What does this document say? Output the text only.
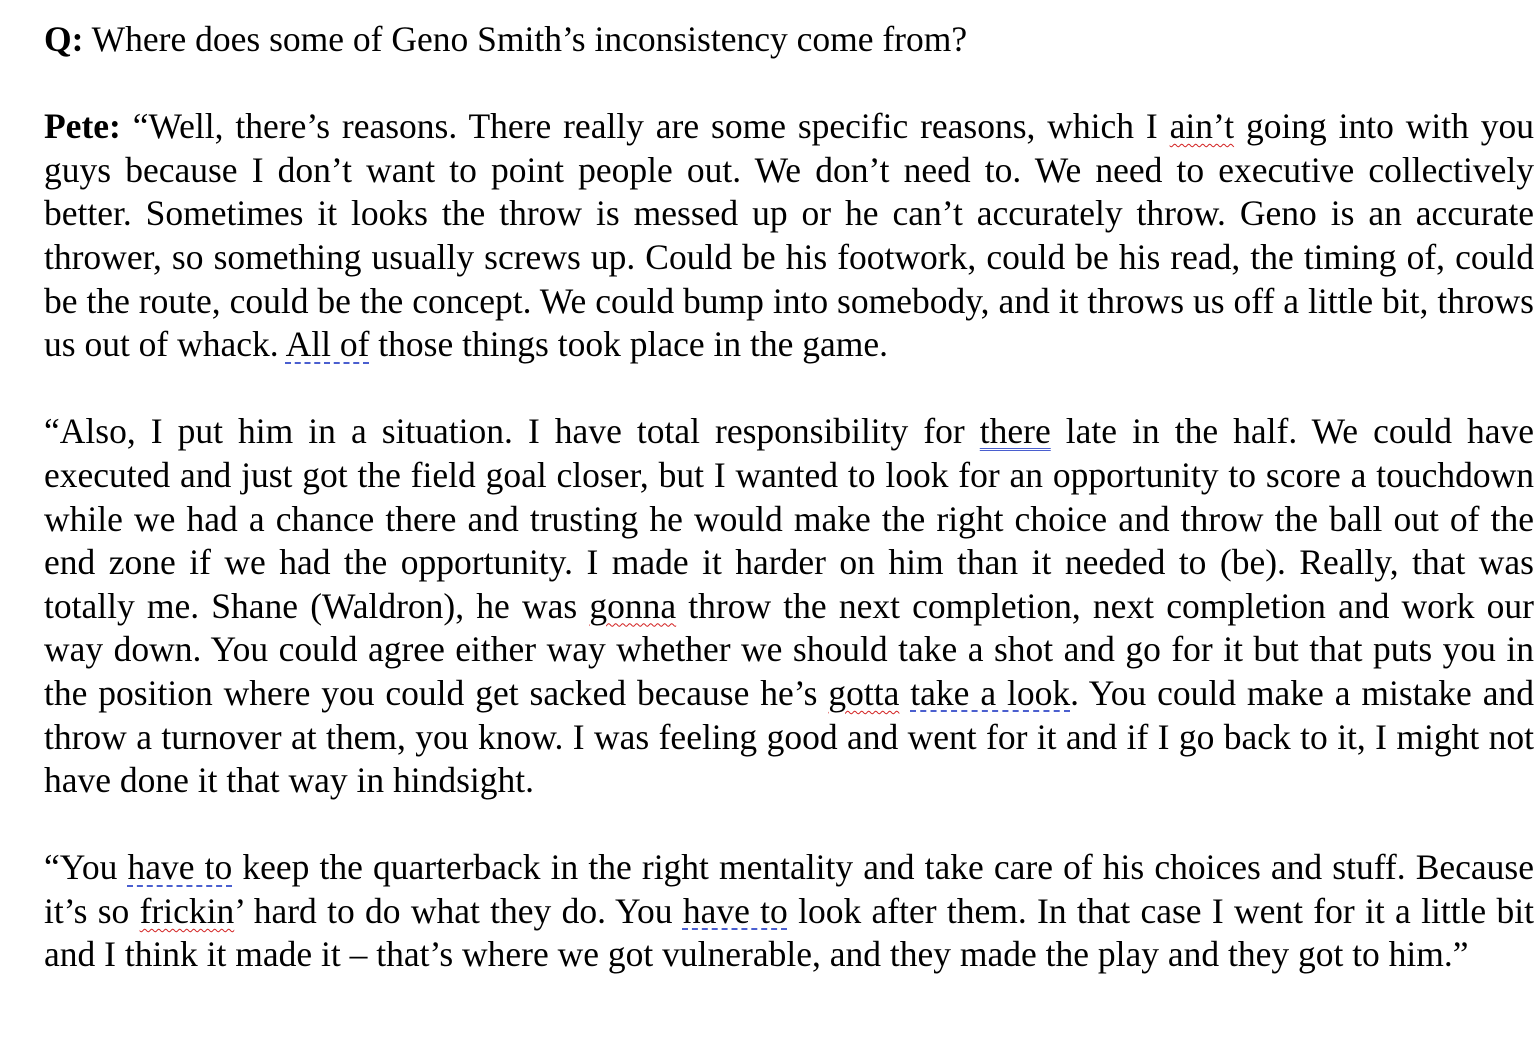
Q: Where does some of Geno Smith’s inconsistency come from?

Pete: “Well, there’s reasons. There really are some specific reasons, which I ain’t going into with you guys because I don’t want to point people out. We don’t need to. We need to executive collectively better. Sometimes it looks the throw is messed up or he can’t accurately throw. Geno is an accurate thrower, so something usually screws up. Could be his footwork, could be his read, the timing of, could be the route, could be the concept. We could bump into somebody, and it throws us off a little bit, throws us out of whack. All of those things took place in the game.

“Also, I put him in a situation. I have total responsibility for there late in the half. We could have executed and just got the field goal closer, but I wanted to look for an opportunity to score a touchdown while we had a chance there and trusting he would make the right choice and throw the ball out of the end zone if we had the opportunity. I made it harder on him than it needed to (be). Really, that was totally me. Shane (Waldron), he was gonna throw the next completion, next completion and work our way down. You could agree either way whether we should take a shot and go for it but that puts you in the position where you could get sacked because he’s gotta take a look. You could make a mistake and throw a turnover at them, you know. I was feeling good and went for it and if I go back to it, I might not have done it that way in hindsight.

“You have to keep the quarterback in the right mentality and take care of his choices and stuff. Because it’s so frickin’ hard to do what they do. You have to look after them. In that case I went for it a little bit and I think it made it – that’s where we got vulnerable, and they made the play and they got to him.”
